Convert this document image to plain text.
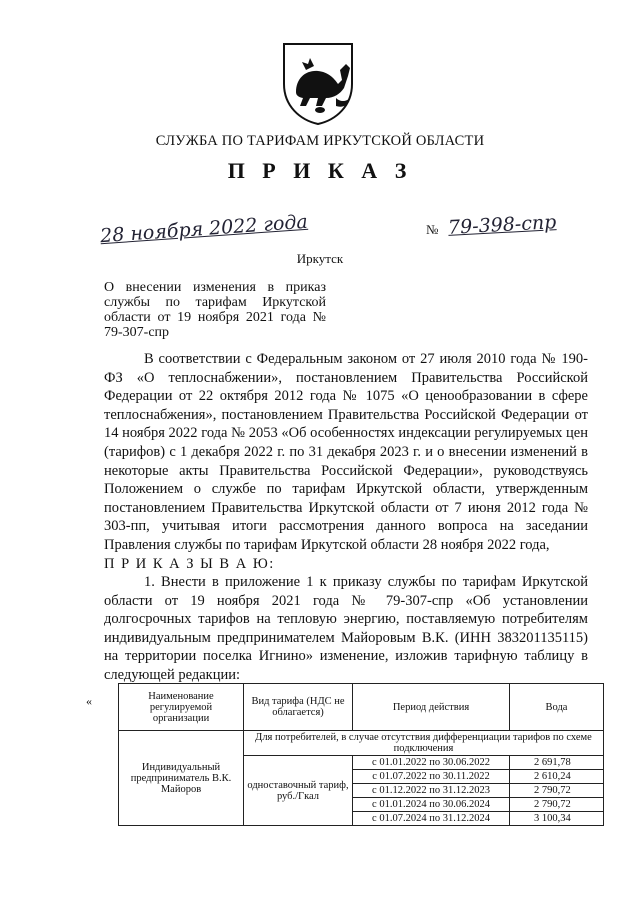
СЛУЖБА ПО ТАРИФАМ ИРКУТСКОЙ ОБЛАСТИ
П Р И К А З
28 ноября 2022 года	№ 79-398-спр
Иркутск
О внесении изменения в приказ службы по тарифам Иркутской области от 19 ноября 2021 года № 79-307-спр
В соответствии с Федеральным законом от 27 июля 2010 года № 190-ФЗ «О теплоснабжении», постановлением Правительства Российской Федерации от 22 октября 2012 года № 1075 «О ценообразовании в сфере теплоснабжения», постановлением Правительства Российской Федерации от 14 ноября 2022 года № 2053 «Об особенностях индексации регулируемых цен (тарифов) с 1 декабря 2022 г. по 31 декабря 2023 г. и о внесении изменений в некоторые акты Правительства Российской Федерации», руководствуясь Положением о службе по тарифам Иркутской области, утвержденным постановлением Правительства Иркутской области от 7 июня 2012 года № 303-пп, учитывая итоги рассмотрения данного вопроса на заседании Правления службы по тарифам Иркутской области 28 ноября 2022 года,
П Р И К А З Ы В А Ю:
1. Внести в приложение 1 к приказу службы по тарифам Иркутской области от 19 ноября 2021 года № 79-307-спр «Об установлении долгосрочных тарифов на тепловую энергию, поставляемую потребителям индивидуальным предпринимателем Майоровым В.К. (ИНН 383201135115) на территории поселка Игнино» изменение, изложив тарифную таблицу в следующей редакции:
«	Наименование регулируемой организации	Вид тарифа (НДС не облагается)	Период действия	Вода
Индивидуальный предприниматель В.К. Майоров	Для потребителей, в случае отсутствия дифференциации тарифов по схеме подключения		
	одноставочный тариф, руб./Гкал	с 01.01.2022 по 30.06.2022	2 691,78
		с 01.07.2022 по 30.11.2022	2 610,24
		с 01.12.2022 по 31.12.2023	2 790,72
		с 01.01.2024 по 30.06.2024	2 790,72
		с 01.07.2024 по 31.12.2024	3 100,34
